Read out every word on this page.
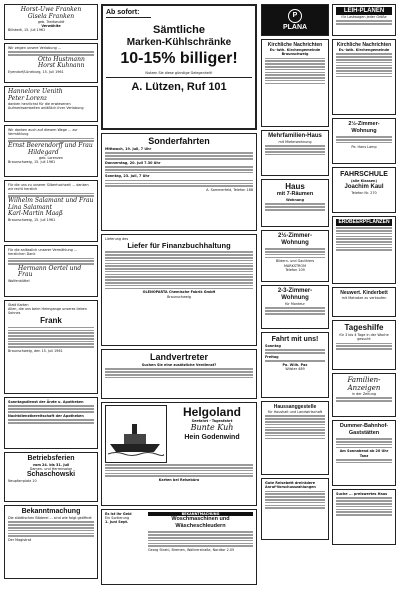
Horst-Uwe Franken
Gisela Franken
geb. Tredtwuldt
Verwählte
Billstedt, 15. Juli 1961
Wir zeigen unsere Verlobung ...
Otto Hustmann
Horst Kuhnann
Eyendorf/Lüneburg, 15. Juli 1961
Hannelore Uenith
Peter Lorenz
danken herzlichst für die erwiesenen Aufmerksamkeiten anläßlich ihrer Verlobung
Wir danken auch auf diesem Wege ... zur Vermählung
Ernst Beerendorff und Frau
Hildegard
geb. Lorenzen
Braunschweig, 15. Juli 1961
Für die uns zu unserer Silberhochzeit ... danken wir recht herzlich
Wilhelm Salamant und Frau
Lina Salamant
Karl-Martin Maaß
Braunschweig, 15. Juli 1961
Für die anlässlich unserer Vermählung ... herzlichen Dank
Hermann Oertel und Frau
Wolfenbüttel
Statt Karten
Allen, die uns beim Heimgange unseres lieben Sohnes
Frank
Braunschweig, den 15. Juli 1961
Sonntagsdienst der Ärzte u. Apotheken
Nachtdienstbereitschaft der Apotheken
Betriebsferien
vom 24. bis 31. Juli
Damen- und Herrensalon
Schaschowski
Neupfarrplatz 10
Bekanntmachung
Die städtischen Bäderei ... sind wie folgt geöffnet
Der Magistrat
Ab sofort:
Sämtliche
Marken-Kühlschränke
10-15% billiger!
Nutzen Sie diese günstige Gelegenheit!
A. Lützen, Ruf 101
Sonderfahrten
Mittwoch, 19. Juli, 7 Uhr
Donnerstag, 20. Juli 7.30 Uhr
Sonntag, 23. Juli, 7 Uhr
A. Sommerfeld, Telefon 188
Lieferung des
Liefer für Finanzbuchhaltung
OLENOPARTA Chemische Fabrik GmbH
Braunschweig
Landvertreter
Suchen Sie eine zusätzliche Verdienst?
Helgoland
Seefahrt - Tagesfahrt
Bunte Kuh
Hein Godenwind
Karten bei Reisebüro
Es ist ihr Geld
Ein Sortierung
1. Juni Sept.
BEKANNTMACHUNG
Woschmaschinen und Wäscheschleudern
Georg Strahl, Bremen, Wallnerstraße, Nordtor 2.05
P
PLANA
Kirchliche Nachrichten
Ev.-luth. Kirchengemeinde
Braunschweig
Mehrfamilien-Haus
mit Mieterwohnung
Haus
mit 7-Räumen
Wohnung
2½-Zimmer-Wohnung
Bildern- und Gauthiers MARKSTROM
Telefon 109
2-3-Zimmer-Wohnung
für Monteur
Fahrt mit uns!
Sonntag
Freitag
Pa. Wilh. Pax
Wilster 489
Haussanggestelle
für Haushalt und Landwirtschaft
Gute Reisebett dreirädere Anruf-Vorschusszahlungen
LEIH-PLANEN
für Lastwagen jeder Größe
Kirchliche Nachrichten
Ev.-luth. Kirchengemeinde
2½-Zimmer-Wohnung
Pe. Hans Lamp
FAHRSCHULE
(alle Klassen)
Joachim Kaul
Telefon Nr. 270
ERDBEERPFLANZEN
Neuwert. Kinderbett
mit Matratze zu verkaufen
Tageshilfe
für 3 bis 4 Tage in der Woche gesucht
Familien-Anzeigen
in der Zeitung
Dummer-Bahnhof-Gaststätten
Am Sonnabend ab 20 Uhr Tanz
Suche ... preiswertes Haus
